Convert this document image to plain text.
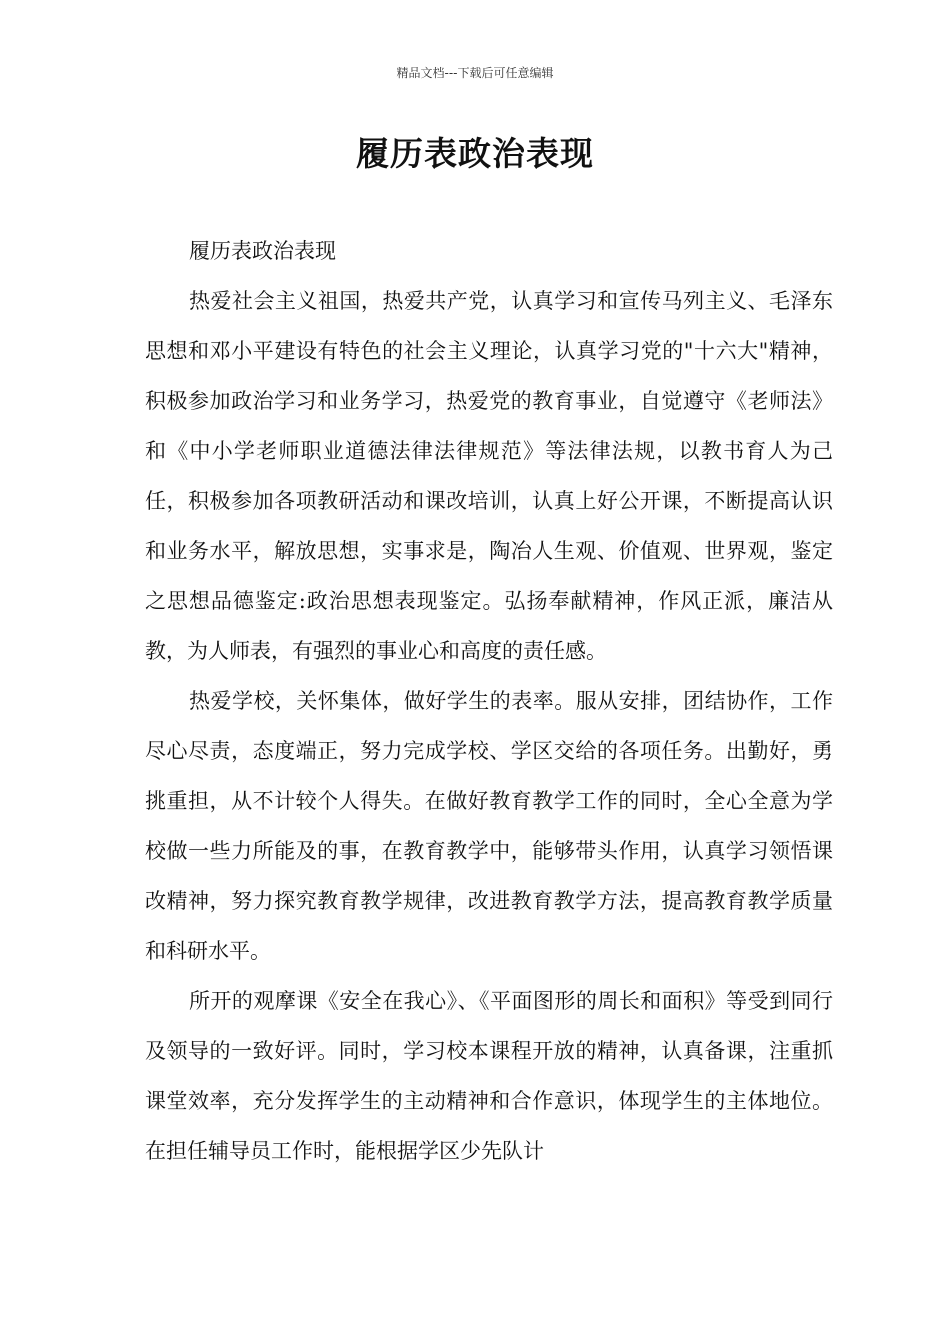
精品文档---下载后可任意编辑
履历表政治表现

履历表政治表现

热爱社会主义祖国，热爱共产党，认真学习和宣传马列主义、毛泽东思想和邓小平建设有特色的社会主义理论，认真学习党的"十六大"精神，积极参加政治学习和业务学习，热爱党的教育事业，自觉遵守《老师法》和《中小学老师职业道德法律法律规范》等法律法规，以教书育人为己任，积极参加各项教研活动和课改培训，认真上好公开课，不断提高认识和业务水平，解放思想，实事求是，陶冶人生观、价值观、世界观，鉴定之思想品德鉴定:政治思想表现鉴定。弘扬奉献精神，作风正派，廉洁从教，为人师表，有强烈的事业心和高度的责任感。

热爱学校，关怀集体，做好学生的表率。服从安排，团结协作，工作尽心尽责，态度端正，努力完成学校、学区交给的各项任务。出勤好，勇挑重担，从不计较个人得失。在做好教育教学工作的同时，全心全意为学校做一些力所能及的事，在教育教学中，能够带头作用，认真学习领悟课改精神，努力探究教育教学规律，改进教育教学方法，提高教育教学质量和科研水平。

所开的观摩课《安全在我心》、《平面图形的周长和面积》等受到同行及领导的一致好评。同时，学习校本课程开放的精神，认真备课，注重抓课堂效率，充分发挥学生的主动精神和合作意识，体现学生的主体地位。在担任辅导员工作时，能根据学区少先队计
